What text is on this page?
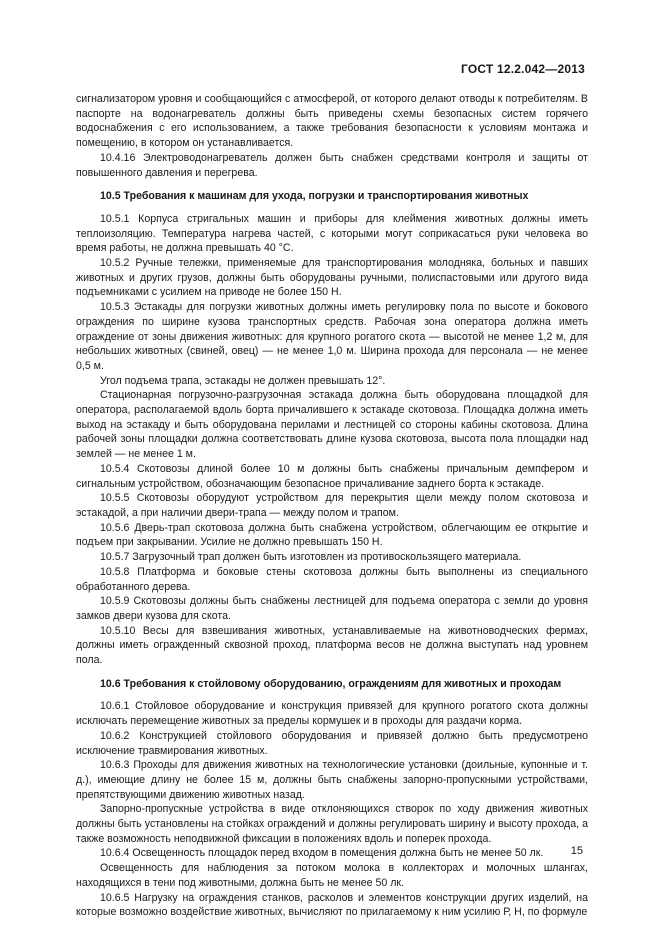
ГОСТ 12.2.042—2013

сигнализатором уровня и сообщающийся с атмосферой, от которого делают отводы к потребителям. В паспорте на водонагреватель должны быть приведены схемы безопасных систем горячего водоснабжения с его использованием, а также требования безопасности к условиям монтажа и помещению, в котором он устанавливается.

10.4.16 Электроводонагреватель должен быть снабжен средствами контроля и защиты от повышенного давления и перегрева.

10.5 Требования к машинам для ухода, погрузки и транспортирования животных

10.5.1 Корпуса стригальных машин и приборы для клеймения животных должны иметь теплоизоляцию. Температура нагрева частей, с которыми могут соприкасаться руки человека во время работы, не должна превышать 40 °С.

10.5.2 Ручные тележки, применяемые для транспортирования молодняка, больных и павших животных и других грузов, должны быть оборудованы ручными, полиспастовыми или другого вида подъемниками с усилием на приводе не более 150 Н.

10.5.3 Эстакады для погрузки животных должны иметь регулировку пола по высоте и бокового ограждения по ширине кузова транспортных средств. Рабочая зона оператора должна иметь ограждение от зоны движения животных: для крупного рогатого скота — высотой не менее 1,2 м, для небольших животных (свиней, овец) — не менее 1,0 м. Ширина прохода для персонала — не менее 0,5 м.

Угол подъема трапа, эстакады не должен превышать 12°.

Стационарная погрузочно-разгрузочная эстакада должна быть оборудована площадкой для оператора, располагаемой вдоль борта причалившего к эстакаде скотовоза. Площадка должна иметь выход на эстакаду и быть оборудована перилами и лестницей со стороны кабины скотовоза. Длина рабочей зоны площадки должна соответствовать длине кузова скотовоза, высота пола площадки над землей — не менее 1 м.

10.5.4 Скотовозы длиной более 10 м должны быть снабжены причальным демпфером и сигнальным устройством, обозначающим безопасное причаливание заднего борта к эстакаде.

10.5.5 Скотовозы оборудуют устройством для перекрытия щели между полом скотовоза и эстакадой, а при наличии двери-трапа — между полом и трапом.

10.5.6 Дверь-трап скотовоза должна быть снабжена устройством, облегчающим ее открытие и подъем при закрывании. Усилие не должно превышать 150 Н.

10.5.7 Загрузочный трап должен быть изготовлен из противоскользящего материала.

10.5.8 Платформа и боковые стены скотовоза должны быть выполнены из специального обработанного дерева.

10.5.9 Скотовозы должны быть снабжены лестницей для подъема оператора с земли до уровня замков двери кузова для скота.

10.5.10 Весы для взвешивания животных, устанавливаемые на животноводческих фермах, должны иметь огражденный сквозной проход, платформа весов не должна выступать над уровнем пола.

10.6 Требования к стойловому оборудованию, ограждениям для животных и проходам

10.6.1 Стойловое оборудование и конструкция привязей для крупного рогатого скота должны исключать перемещение животных за пределы кормушек и в проходы для раздачи корма.

10.6.2 Конструкцией стойлового оборудования и привязей должно быть предусмотрено исключение травмирования животных.

10.6.3 Проходы для движения животных на технологические установки (доильные, купонные и т. д.), имеющие длину не более 15 м, должны быть снабжены запорно-пропускными устройствами, препятствующими движению животных назад.

Запорно-пропускные устройства в виде отклоняющихся створок по ходу движения животных должны быть установлены на стойках ограждений и должны регулировать ширину и высоту прохода, а также возможность неподвижной фиксации в положениях вдоль и поперек прохода.

10.6.4 Освещенность площадок перед входом в помещения должна быть не менее 50 лк.

Освещенность для наблюдения за потоком молока в коллекторах и молочных шлангах, находящихся в тени под животными, должна быть не менее 50 лк.

10.6.5 Нагрузку на ограждения станков, расколов и элементов конструкции других изделий, на которые возможно воздействие животных, вычисляют по прилагаемому к ним усилию Р, Н, по формуле

15
